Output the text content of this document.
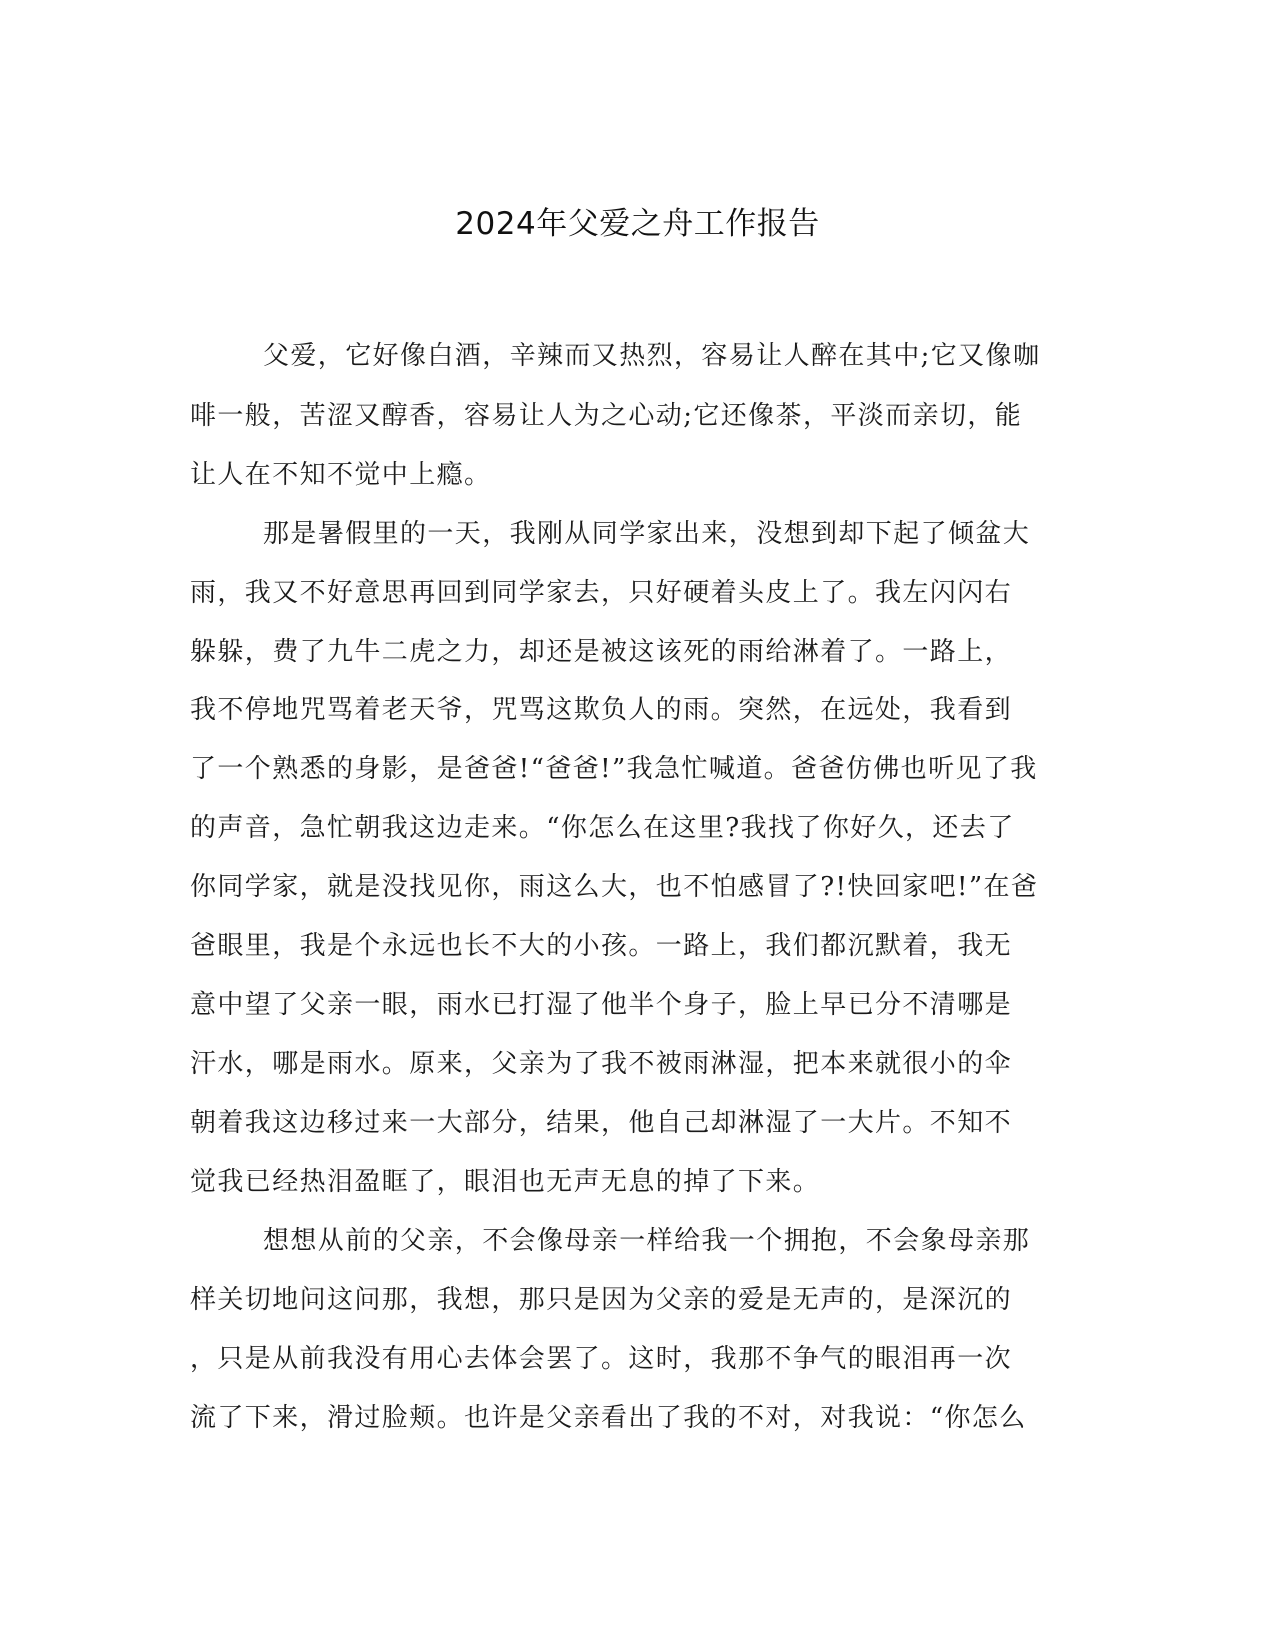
2024年父爱之舟工作报告
父爱，它好像白酒，辛辣而又热烈，容易让人醉在其中;它又像咖
啡一般，苦涩又醇香，容易让人为之心动;它还像茶，平淡而亲切，能
让人在不知不觉中上瘾。
那是暑假里的一天，我刚从同学家出来，没想到却下起了倾盆大
雨，我又不好意思再回到同学家去，只好硬着头皮上了。我左闪闪右
躲躲，费了九牛二虎之力，却还是被这该死的雨给淋着了。一路上，
我不停地咒骂着老天爷，咒骂这欺负人的雨。突然，在远处，我看到
了一个熟悉的身影，是爸爸!“爸爸!”我急忙喊道。爸爸仿佛也听见了我
的声音，急忙朝我这边走来。“你怎么在这里?我找了你好久，还去了
你同学家，就是没找见你，雨这么大，也不怕感冒了?!快回家吧!”在爸
爸眼里，我是个永远也长不大的小孩。一路上，我们都沉默着，我无
意中望了父亲一眼，雨水已打湿了他半个身子，脸上早已分不清哪是
汗水，哪是雨水。原来，父亲为了我不被雨淋湿，把本来就很小的伞
朝着我这边移过来一大部分，结果，他自己却淋湿了一大片。不知不
觉我已经热泪盈眶了，眼泪也无声无息的掉了下来。
想想从前的父亲，不会像母亲一样给我一个拥抱，不会象母亲那
样关切地问这问那，我想，那只是因为父亲的爱是无声的，是深沉的
，只是从前我没有用心去体会罢了。这时，我那不争气的眼泪再一次
流了下来，滑过脸颊。也许是父亲看出了我的不对，对我说：“你怎么
